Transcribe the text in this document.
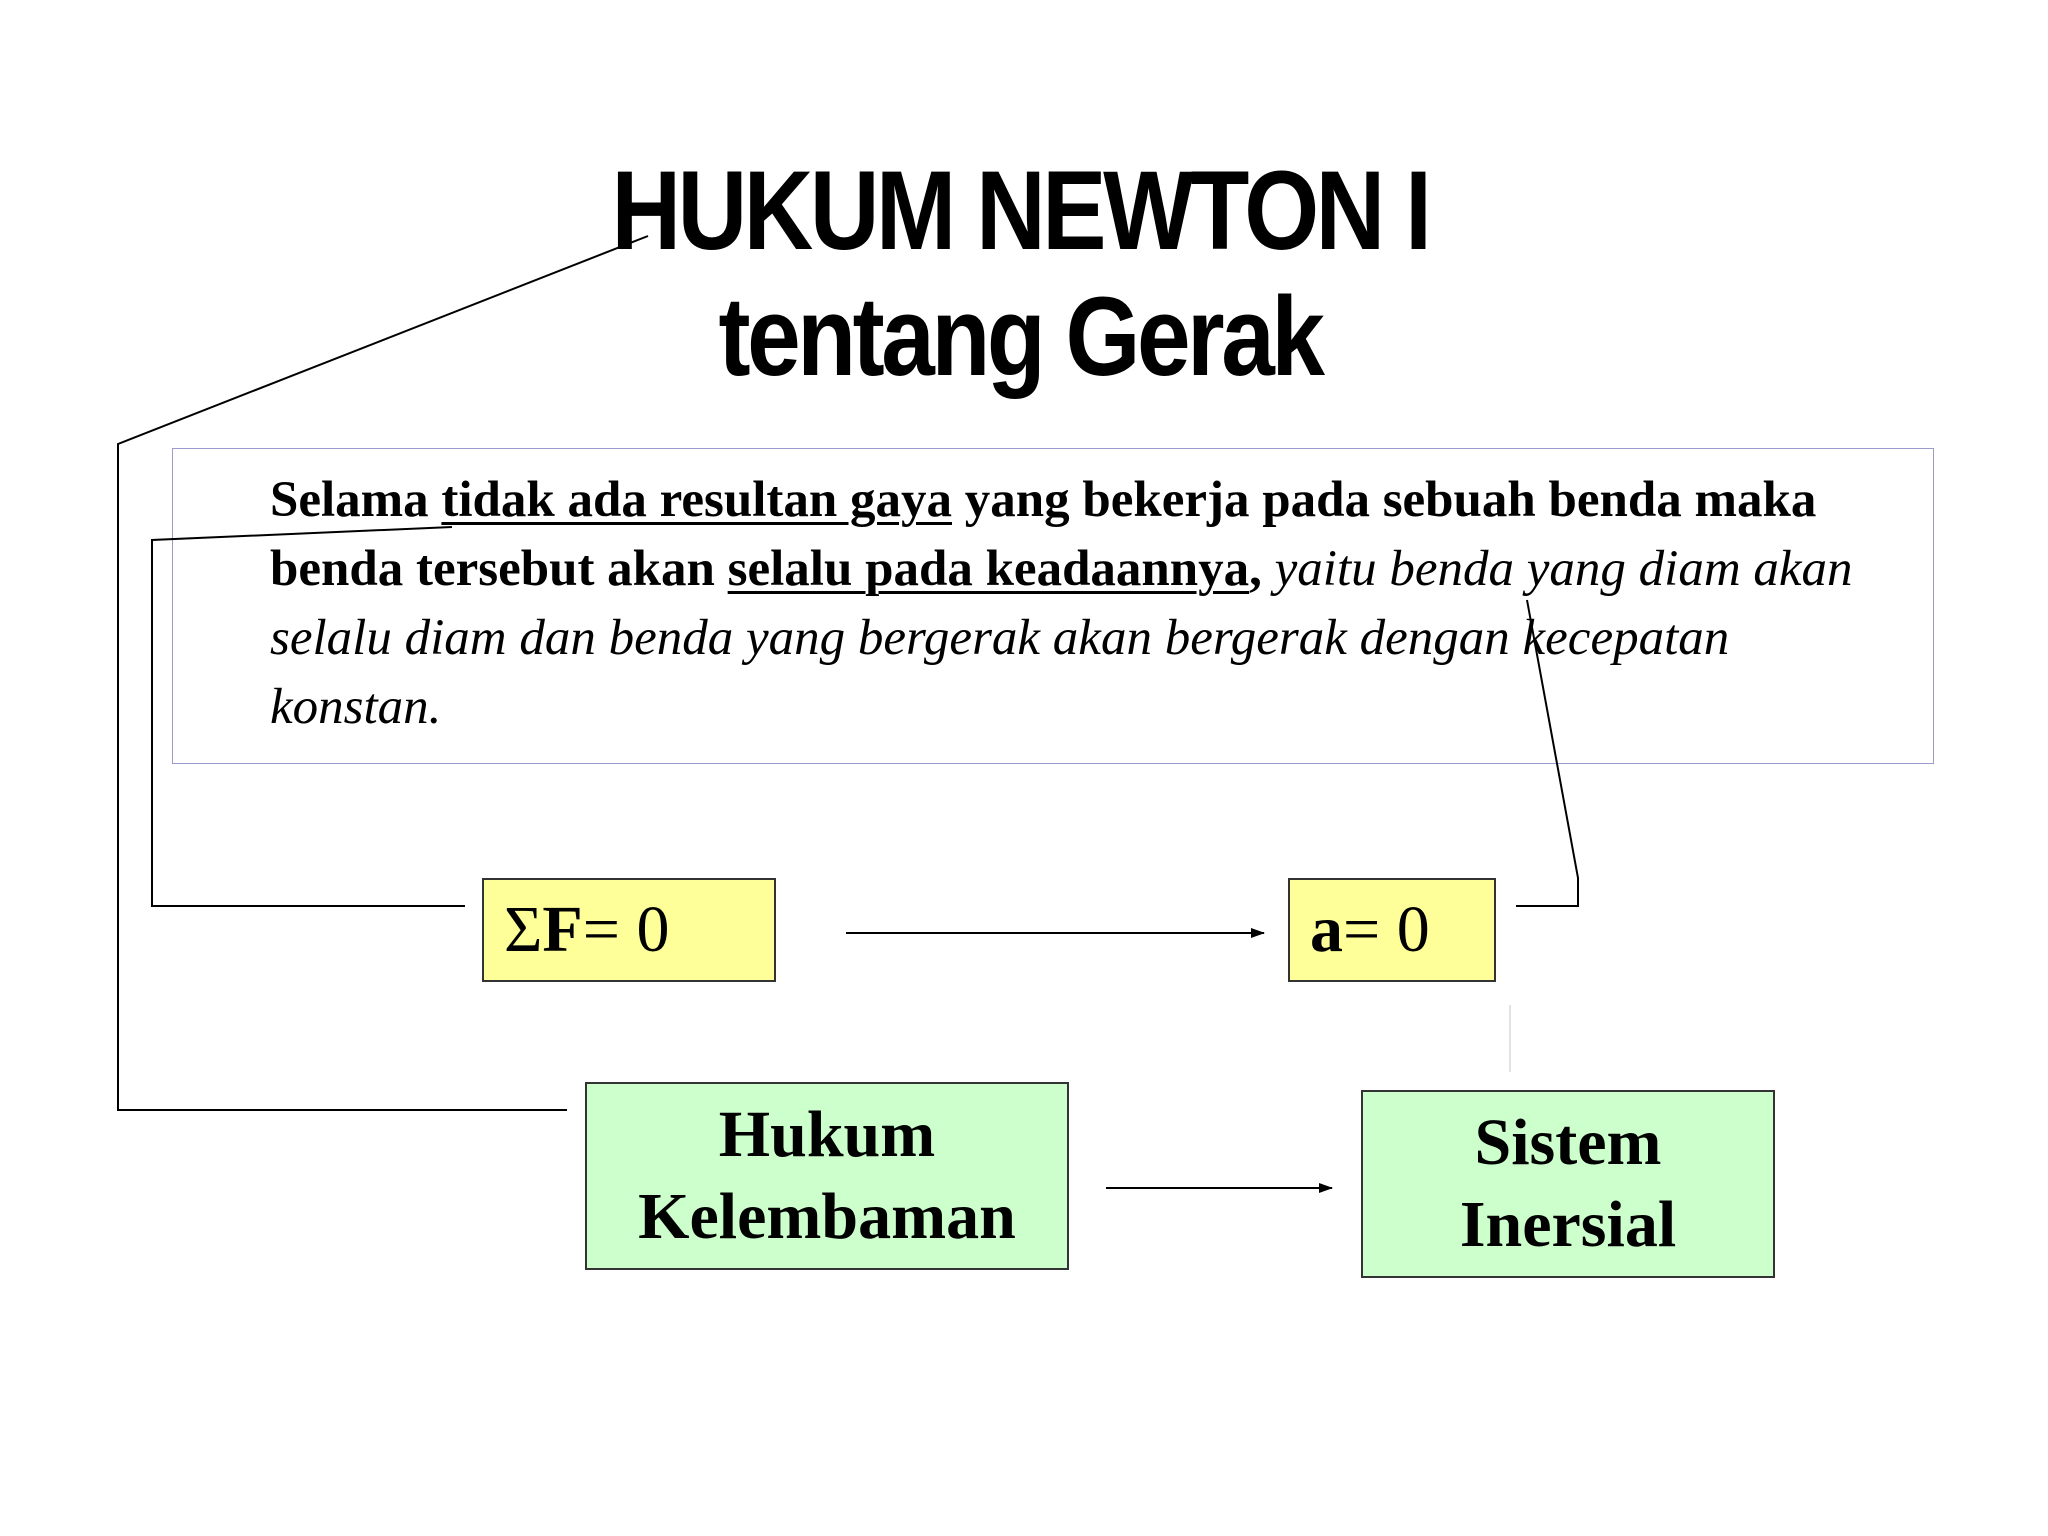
HUKUM NEWTON I
tentang Gerak
Selama tidak ada resultan gaya yang bekerja pada sebuah benda maka benda tersebut akan selalu pada keadaannya, yaitu benda yang diam akan selalu diam dan benda yang bergerak akan bergerak dengan kecepatan konstan.
Σ F = 0	a = 0
Hukum
Kelembaman
Sistem
Inersial
